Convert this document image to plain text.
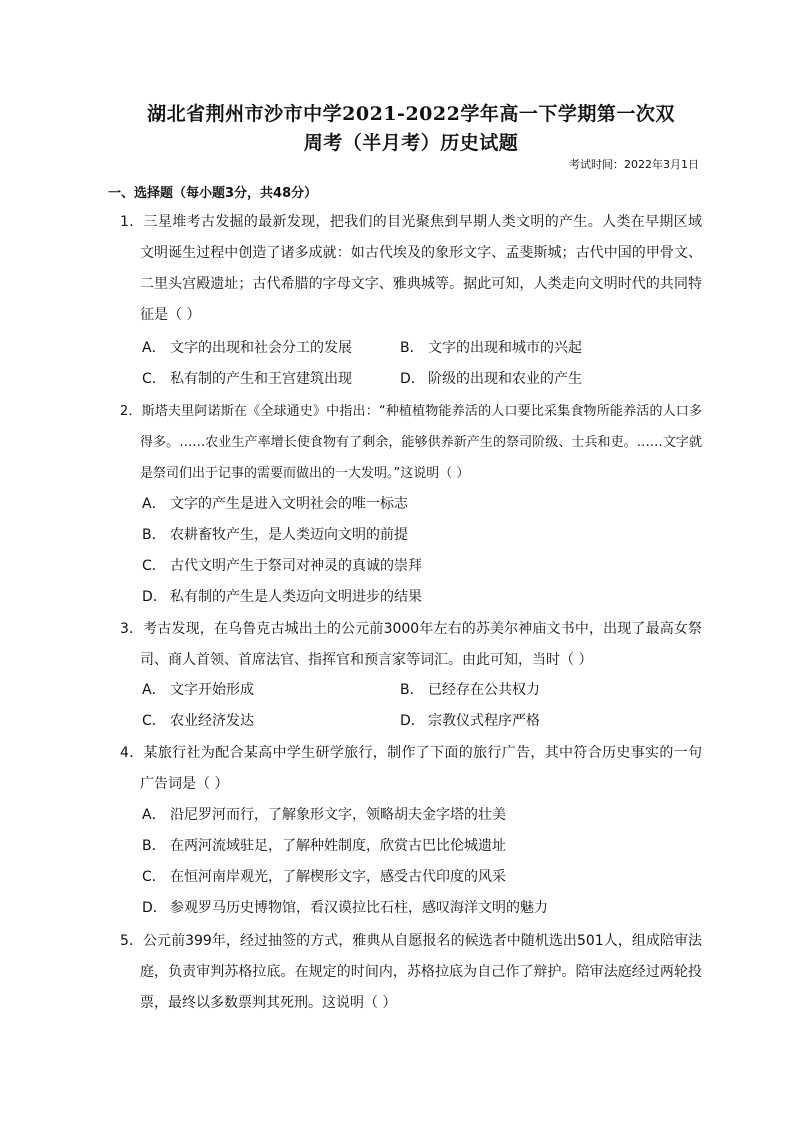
湖北省荆州市沙市中学2021-2022学年高一下学期第一次双
周考（半月考）历史试题
考试时间：2022年3月1日
一、选择题（每小题3分，共48分）
1．三星堆考古发掘的最新发现，把我们的目光聚焦到早期人类文明的产生。人类在早期区域文明诞生过程中创造了诸多成就：如古代埃及的象形文字、孟斐斯城；古代中国的甲骨文、二里头宫殿遗址；古代希腊的字母文字、雅典城等。据此可知，人类走向文明时代的共同特征是（ ）
A． 文字的出现和社会分工的发展	B． 文字的出现和城市的兴起
C． 私有制的产生和王宫建筑出现	D． 阶级的出现和农业的产生
2．斯塔夫里阿诺斯在《全球通史》中指出：“种植植物能养活的人口要比采集食物所能养活的人口多得多。……农业生产率增长使食物有了剩余，能够供养新产生的祭司阶级、士兵和吏。……文字就是祭司们出于记事的需要而做出的一大发明。”这说明（ ）
A． 文字的产生是进入文明社会的唯一标志
B． 农耕畜牧产生，是人类迈向文明的前提
C． 古代文明产生于祭司对神灵的真诚的崇拜
D． 私有制的产生是人类迈向文明进步的结果
3．考古发现，在乌鲁克古城出土的公元前3000年左右的苏美尔神庙文书中，出现了最高女祭司、商人首领、首席法官、指挥官和预言家等词汇。由此可知，当时（ ）
A． 文字开始形成	B． 已经存在公共权力
C． 农业经济发达	D． 宗教仪式程序严格
4．某旅行社为配合某高中学生研学旅行，制作了下面的旅行广告，其中符合历史事实的一句广告词是（ ）
A． 沿尼罗河而行，了解象形文字，领略胡夫金字塔的壮美
B． 在两河流域驻足，了解种姓制度，欣赏古巴比伦城遗址
C． 在恒河南岸观光，了解楔形文字，感受古代印度的风采
D． 参观罗马历史博物馆，看汉谟拉比石柱，感叹海洋文明的魅力
5．公元前399年，经过抽签的方式，雅典从自愿报名的候选者中随机选出501人，组成陪审法庭，负责审判苏格拉底。在规定的时间内，苏格拉底为自己作了辩护。陪审法庭经过两轮投票，最终以多数票判其死刑。这说明（ ）
